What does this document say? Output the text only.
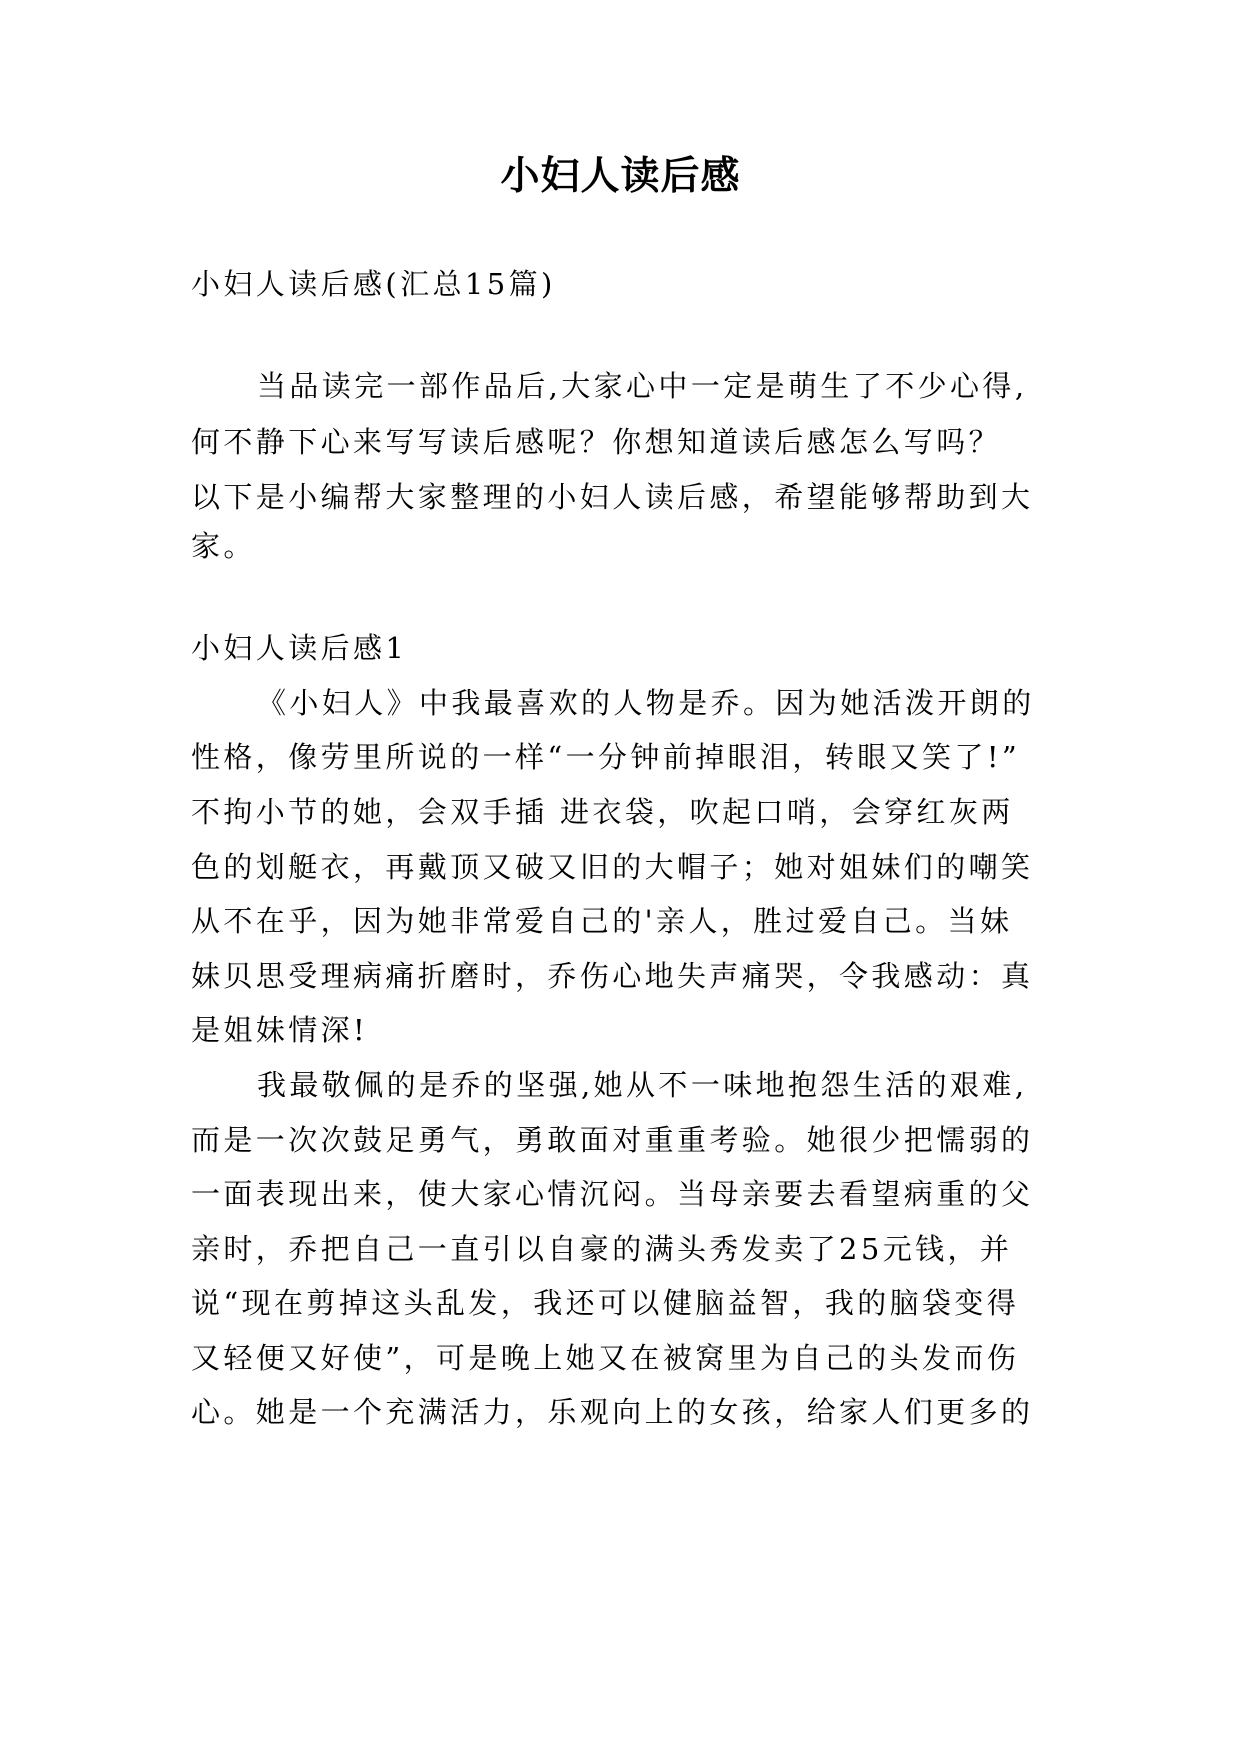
小妇人读后感
小妇人读后感(汇总15篇)
当品读完一部作品后,大家心中一定是萌生了不少心得,
何不静下心来写写读后感呢？你想知道读后感怎么写吗？
以下是小编帮大家整理的小妇人读后感，希望能够帮助到大
家。
小妇人读后感1
《小妇人》中我最喜欢的人物是乔。因为她活泼开朗的
性格，像劳里所说的一样“一分钟前掉眼泪，转眼又笑了!”
不拘小节的她，会双手插 进衣袋，吹起口哨，会穿红灰两
色的划艇衣，再戴顶又破又旧的大帽子；她对姐妹们的嘲笑
从不在乎，因为她非常爱自己的'亲人，胜过爱自己。当妹
妹贝思受理病痛折磨时，乔伤心地失声痛哭，令我感动：真
是姐妹情深!
我最敬佩的是乔的坚强,她从不一味地抱怨生活的艰难,
而是一次次鼓足勇气，勇敢面对重重考验。她很少把懦弱的
一面表现出来，使大家心情沉闷。当母亲要去看望病重的父
亲时，乔把自己一直引以自豪的满头秀发卖了25元钱，并
说“现在剪掉这头乱发，我还可以健脑益智，我的脑袋变得
又轻便又好使”，可是晚上她又在被窝里为自己的头发而伤
心。她是一个充满活力，乐观向上的女孩，给家人们更多的
